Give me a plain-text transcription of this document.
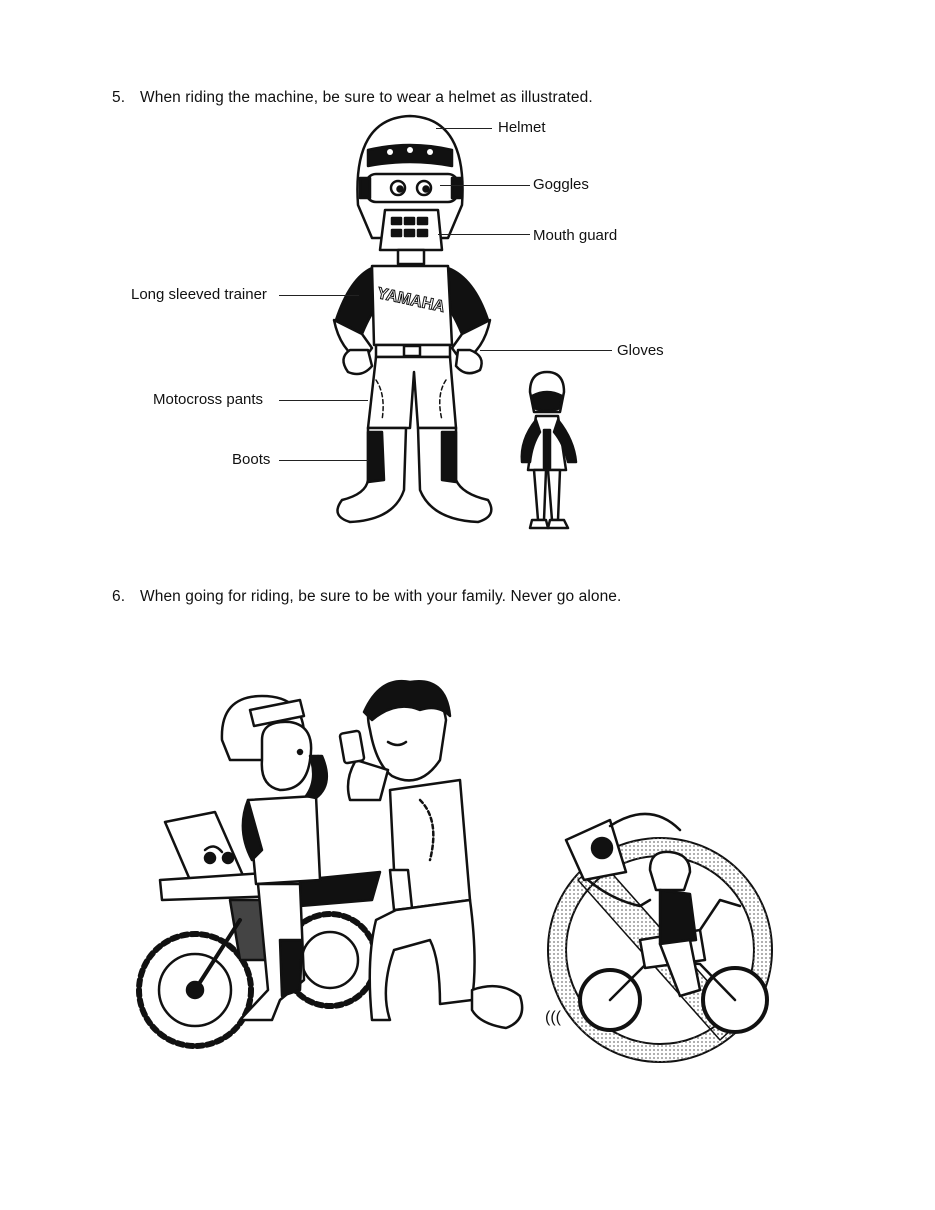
5. When riding the machine, be sure to wear a helmet as illustrated.
YAMAHA
Helmet
Goggles
Mouth guard
Long sleeved trainer
Gloves
Motocross pants
Boots
6. When going for riding, be sure to be with your family. Never go alone.
(((
